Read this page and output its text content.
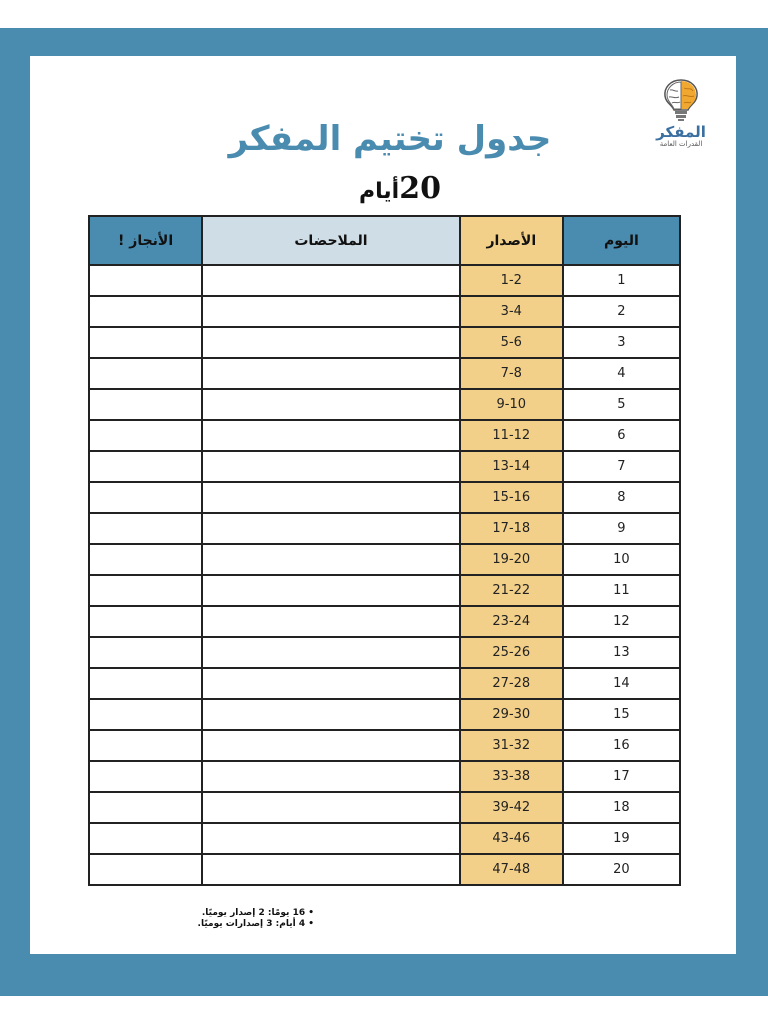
المفكر
القدرات العامة
جدول تختيم المفكر
20أيام
اليوم	الأصدار	الملاحضات	الأنجاز !
1	1-2		
2	3-4		
3	5-6		
4	7-8		
5	9-10		
6	11-12		
7	13-14		
8	15-16		
9	17-18		
10	19-20		
11	21-22		
12	23-24		
13	25-26		
14	27-28		
15	29-30		
16	31-32		
17	33-38		
18	39-42		
19	43-46		
20	47-48		
• 16 يومًا: 2 إصدار يوميًا.
• 4 أيام: 3 إصدارات يوميًا.
